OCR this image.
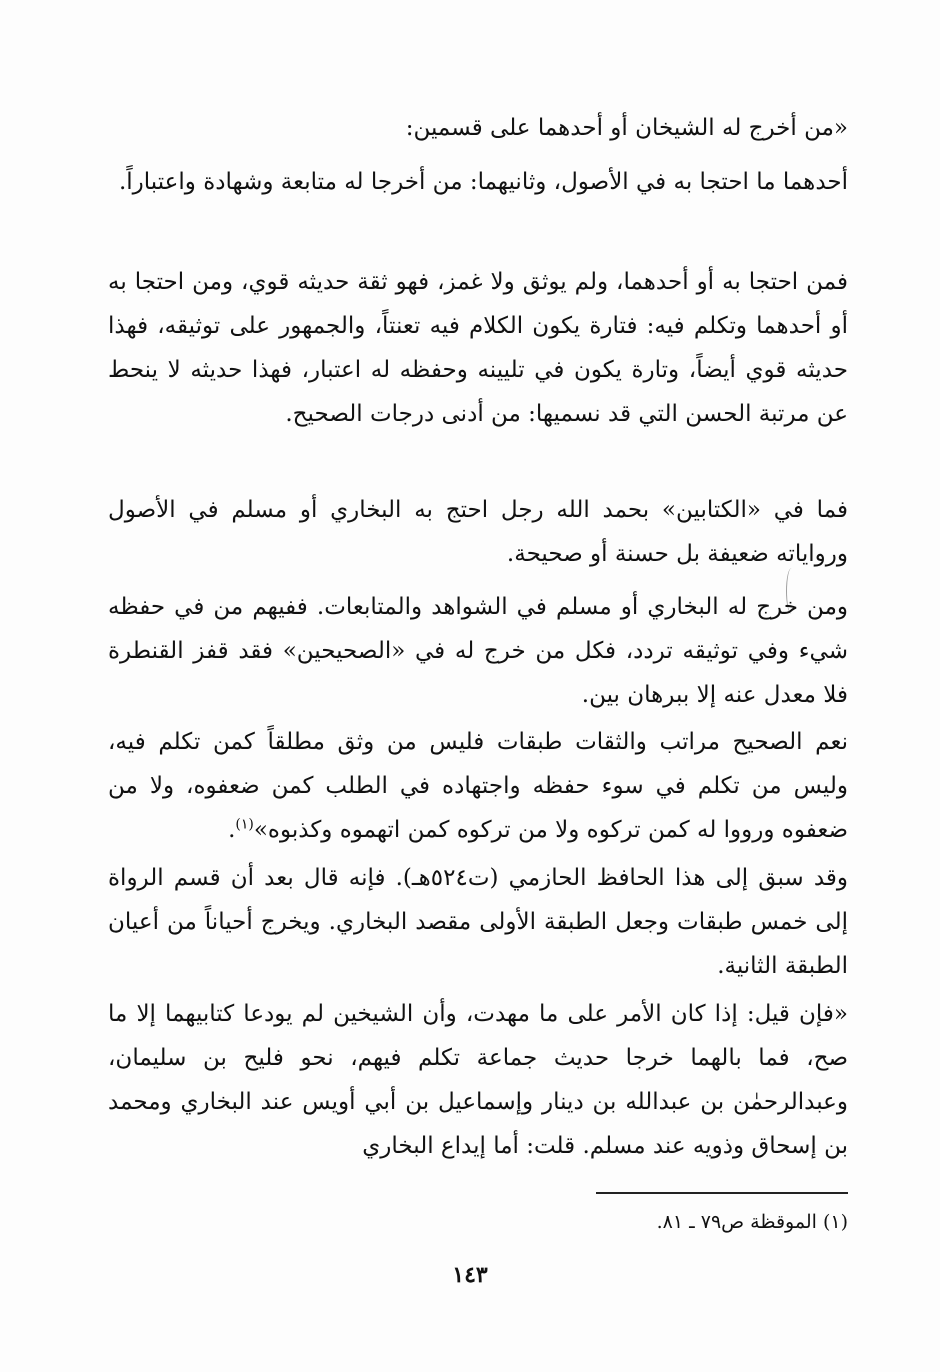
«من أخرج له الشيخان أو أحدهما على قسمين:

أحدهما ما احتجا به في الأصول، وثانيهما: من أخرجا له متابعة وشهادة واعتباراً.

فمن احتجا به أو أحدهما، ولم يوثق ولا غمز، فهو ثقة حديثه قوي، ومن احتجا به أو أحدهما وتكلم فيه: فتارة يكون الكلام فيه تعنتاً، والجمهور على توثيقه، فهذا حديثه قوي أيضاً، وتارة يكون في تليينه وحفظه له اعتبار، فهذا حديثه لا ينحط عن مرتبة الحسن التي قد نسميها: من أدنى درجات الصحيح.

فما في «الكتابين» بحمد الله رجل احتج به البخاري أو مسلم في الأصول ورواياته ضعيفة بل حسنة أو صحيحة.

ومن خرج له البخاري أو مسلم في الشواهد والمتابعات. ففيهم من في حفظه شيء وفي توثيقه تردد، فكل من خرج له في «الصحيحين» فقد قفز القنطرة فلا معدل عنه إلا ببرهان بين.

نعم الصحيح مراتب والثقات طبقات فليس من وثق مطلقاً كمن تكلم فيه، وليس من تكلم في سوء حفظه واجتهاده في الطلب كمن ضعفوه، ولا من ضعفوه ورووا له كمن تركوه ولا من تركوه كمن اتهموه وكذبوه»$^{(١)}$.

وقد سبق إلى هذا الحافظ الحازمي (ت٥٢٤هـ). فإنه قال بعد أن قسم الرواة إلى خمس طبقات وجعل الطبقة الأولى مقصد البخاري. ويخرج أحياناً من أعيان الطبقة الثانية.

«فإن قيل: إذا كان الأمر على ما مهدت، وأن الشيخين لم يودعا كتابيهما إلا ما صح، فما بالهما خرجا حديث جماعة تكلم فيهم، نحو فليح بن سليمان، وعبدالرحمٰن بن عبدالله بن دينار وإسماعيل بن أبي أويس عند البخاري ومحمد بن إسحاق وذويه عند مسلم. قلت: أما إيداع البخاري

(١) الموقظة ص٧٩ ـ ٨١.
١٤٣
